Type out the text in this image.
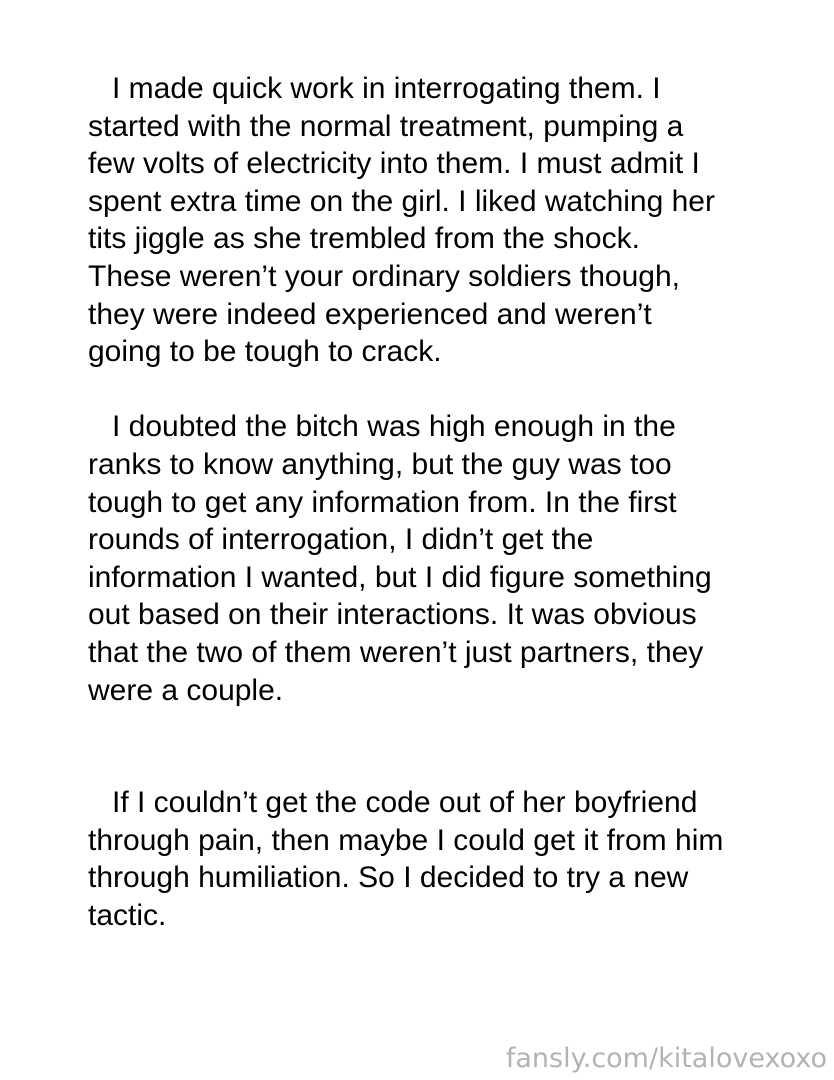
I made quick work in interrogating them. I
started with the normal treatment, pumping a
few volts of electricity into them. I must admit I
spent extra time on the girl. I liked watching her
tits jiggle as she trembled from the shock.
These weren’t your ordinary soldiers though,
they were indeed experienced and weren’t
going to be tough to crack.
I doubted the bitch was high enough in the
ranks to know anything, but the guy was too
tough to get any information from. In the first
rounds of interrogation, I didn’t get the
information I wanted, but I did figure something
out based on their interactions. It was obvious
that the two of them weren’t just partners, they
were a couple.
If I couldn’t get the code out of her boyfriend
through pain, then maybe I could get it from him
through humiliation. So I decided to try a new
tactic.
fansly.com/kitalovexoxo
